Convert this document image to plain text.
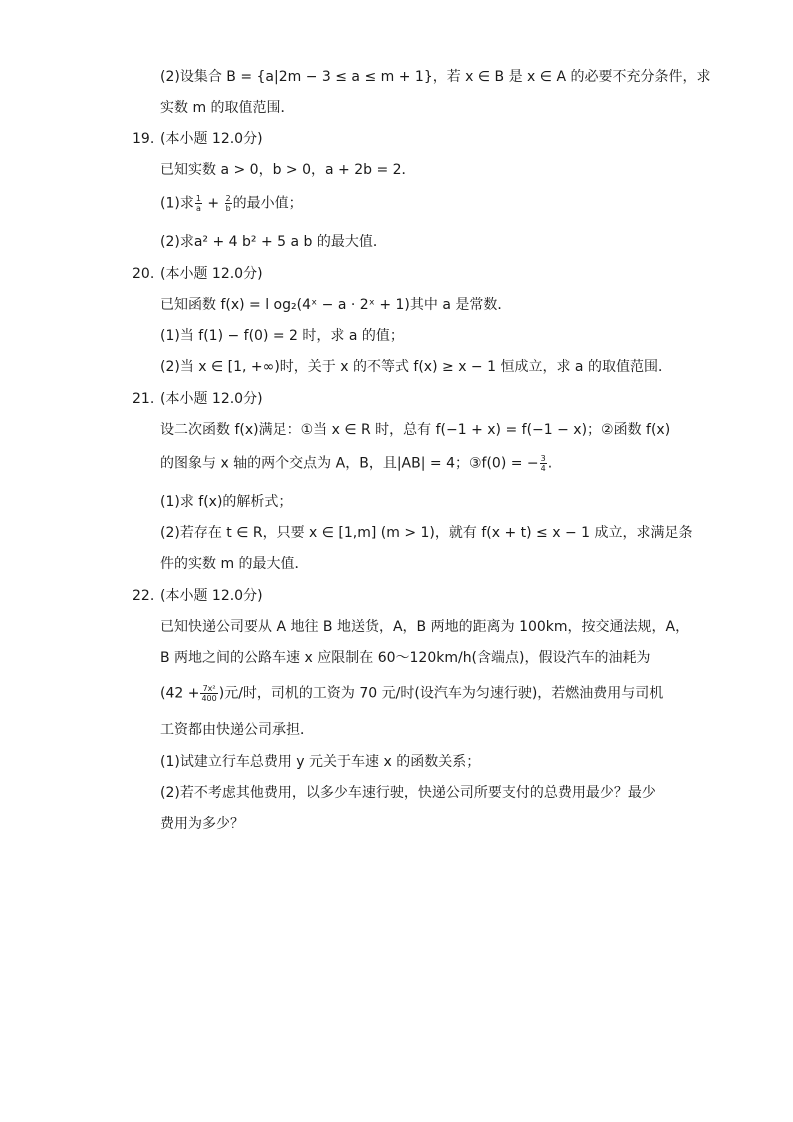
(2)设集合 B = {a|2m − 3 ≤ a ≤ m + 1}，若 x ∈ B 是 x ∈ A 的必要不充分条件，求
实数 m 的取值范围．
19. (本小题 12.0分)
已知实数 a > 0，b > 0，a + 2b = 2．
(1)求 $\frac{1}{a} + \frac{2}{b}$ 的最小值；
(2)求a² + 4 b² + 5 a b 的最大值．
20. (本小题 12.0分)
已知函数 f(x) = l og₂(4ˣ − a · 2ˣ + 1)其中 a 是常数．
(1)当 f(1) − f(0) = 2 时，求 a 的值；
(2)当 x ∈ [1, +∞)时，关于 x 的不等式 f(x) ≥ x − 1 恒成立，求 a 的取值范围．
21. (本小题 12.0分)
设二次函数 f(x)满足：①当 x ∈ R 时，总有 f(−1 + x) = f(−1 − x)；②函数 f(x)
的图象与 x 轴的两个交点为 A，B，且|AB| = 4；③f(0) = − $\frac{3}{4}$ .
(1)求 f(x)的解析式；
(2)若存在 t ∈ R，只要 x ∈ [1,m] (m > 1)，就有 f(x + t) ≤ x − 1 成立，求满足条
件的实数 m 的最大值．
22. (本小题 12.0分)
已知快递公司要从 A 地往 B 地送货，A，B 两地的距离为 100km，按交通法规，A，
B 两地之间的公路车速 x 应限制在 60～120km/h(含端点)，假设汽车的油耗为
($42 + \frac{\text{7x²}}{400}$ )元/时，司机的工资为 70 元/时(设汽车为匀速行驶)，若燃油费用与司机
工资都由快递公司承担．
(1)试建立行车总费用 y 元关于车速 x 的函数关系；
(2)若不考虑其他费用，以多少车速行驶，快递公司所要支付的总费用最少？最少
费用为多少？
